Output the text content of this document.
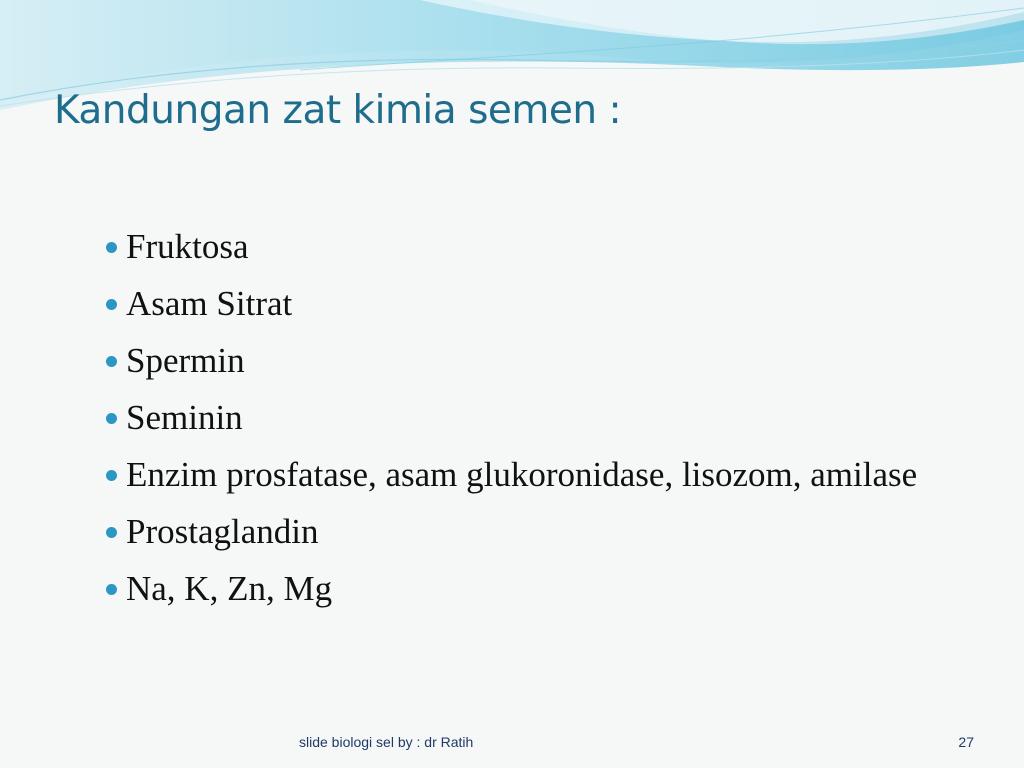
Kandungan zat kimia semen :
Fruktosa
Asam Sitrat
Spermin
Seminin
Enzim prosfatase, asam glukoronidase, lisozom, amilase
Prostaglandin
Na, K, Zn, Mg
slide biologi sel by : dr Ratih	27
